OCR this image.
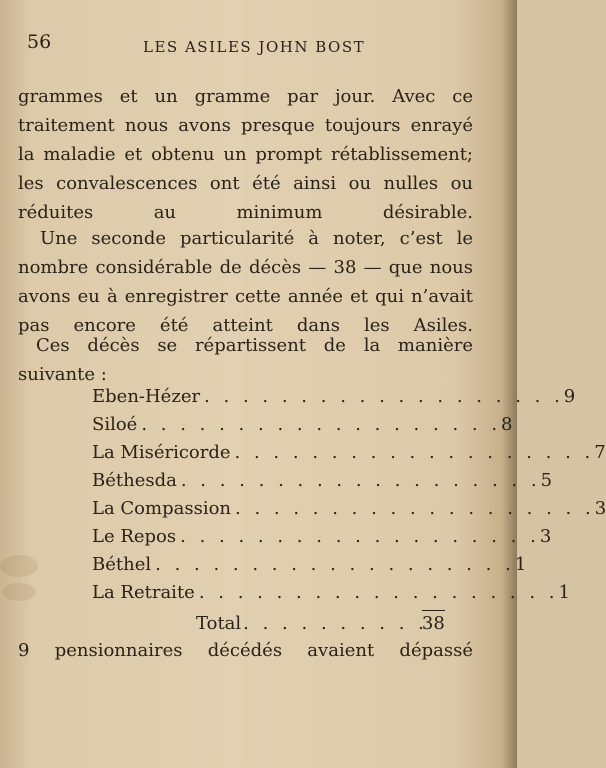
56	LES ASILES JOHN BOST

grammes et un gramme par jour. Avec ce traitement nous avons presque toujours enrayé la maladie et obtenu un prompt rétablissement; les convalescences ont été ainsi ou nulles ou réduites au minimum désirable.

Une seconde particularité à noter, c’est le nombre considérable de décès — 38 — que nous avons eu à enregistrer cette année et qui n’avait pas encore été atteint dans les Asiles.

Ces décès se répartissent de la manière suivante :

Eben-Hézer . . . . . . . . . . . . . . . . . . . 9
Siloé . . . . . . . . . . . . . . . . . . . 8
La Miséricorde . . . . . . . . . . . . . . . . . . . 7
Béthesda . . . . . . . . . . . . . . . . . . . 5
La Compassion . . . . . . . . . . . . . . . . . . . 3
Le Repos . . . . . . . . . . . . . . . . . . . 3
Béthel . . . . . . . . . . . . . . . . . . . 1
La Retraite . . . . . . . . . . . . . . . . . . . 1
Total . . . . . . . . . .
38

9 pensionnaires décédés avaient dépassé
